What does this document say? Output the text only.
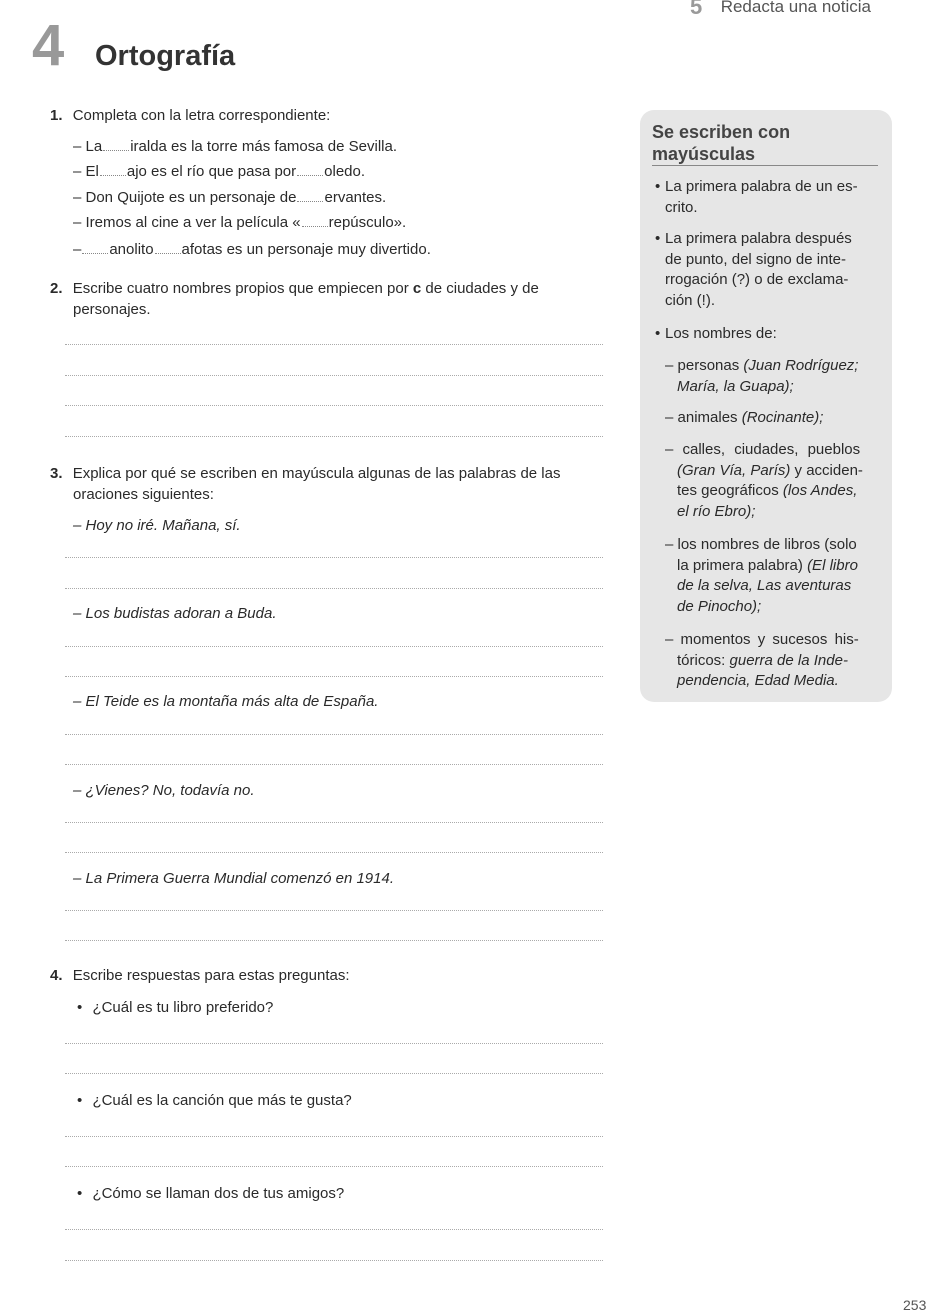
5 Redacta una noticia
4 Ortografía
1. Completa con la letra correspondiente:
– La iralda es la torre más famosa de Sevilla.
– El ajo es el río que pasa por oledo.
– Don Quijote es un personaje de ervantes.
– Iremos al cine a ver la película « repúsculo».
– anolito afotas es un personaje muy divertido.
2. Escribe cuatro nombres propios que empiecen por c de ciudades y de
personajes.
3. Explica por qué se escriben en mayúscula algunas de las palabras de las
oraciones siguientes:
– Hoy no iré. Mañana, sí.
– Los budistas adoran a Buda.
– El Teide es la montaña más alta de España.
– ¿Vienes? No, todavía no.
– La Primera Guerra Mundial comenzó en 1914.
4. Escribe respuestas para estas preguntas:
• ¿Cuál es tu libro preferido?
• ¿Cuál es la canción que más te gusta?
• ¿Cómo se llaman dos de tus amigos?
Se escriben con
mayúsculas
• La primera palabra de un es-
crito.
• La primera palabra después
de punto, del signo de inte-
rrogación (?) o de exclama-
ción (!).
• Los nombres de:
– personas (Juan Rodríguez;
María, la Guapa);
– animales (Rocinante);
– calles, ciudades, pueblos
(Gran Vía, París) y acciden-
tes geográficos (los Andes,
el río Ebro);
– los nombres de libros (solo
la primera palabra) (El libro
de la selva, Las aventuras
de Pinocho);
– momentos y sucesos his-
tóricos: guerra de la Inde-
pendencia, Edad Media.
253
